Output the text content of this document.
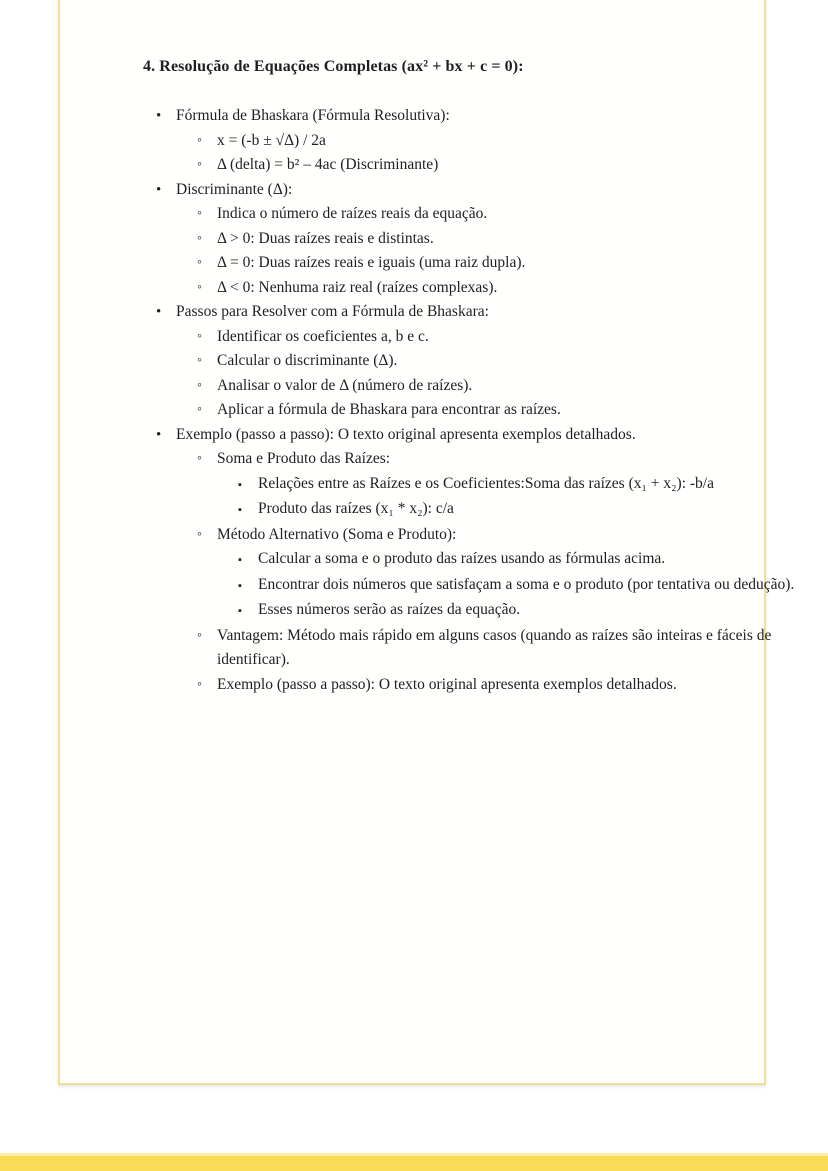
4. Resolução de Equações Completas (ax² + bx + c = 0):
• Fórmula de Bhaskara (Fórmula Resolutiva):
◦ x = (-b ± √Δ) / 2a
◦ Δ (delta) = b² – 4ac (Discriminante)
• Discriminante (Δ):
◦ Indica o número de raízes reais da equação.
◦ Δ > 0: Duas raízes reais e distintas.
◦ Δ = 0: Duas raízes reais e iguais (uma raiz dupla).
◦ Δ < 0: Nenhuma raiz real (raízes complexas).
• Passos para Resolver com a Fórmula de Bhaskara:
◦ Identificar os coeficientes a, b e c.
◦ Calcular o discriminante (Δ).
◦ Analisar o valor de Δ (número de raízes).
◦ Aplicar a fórmula de Bhaskara para encontrar as raízes.
• Exemplo (passo a passo): O texto original apresenta exemplos detalhados.
◦ Soma e Produto das Raízes:
▪	Relações entre as Raízes e os Coeficientes:Soma das raízes (x₁ + x₂): -b/a
▪	Produto das raízes (x₁ * x₂): c/a
◦ Método Alternativo (Soma e Produto):
▪	Calcular a soma e o produto das raízes usando as fórmulas acima.
▪	Encontrar dois números que satisfaçam a soma e o produto (por tentativa ou dedução).
▪	Esses números serão as raízes da equação.
◦ Vantagem: Método mais rápido em alguns casos (quando as raízes são inteiras e fáceis de identificar).
◦ Exemplo (passo a passo): O texto original apresenta exemplos detalhados.
